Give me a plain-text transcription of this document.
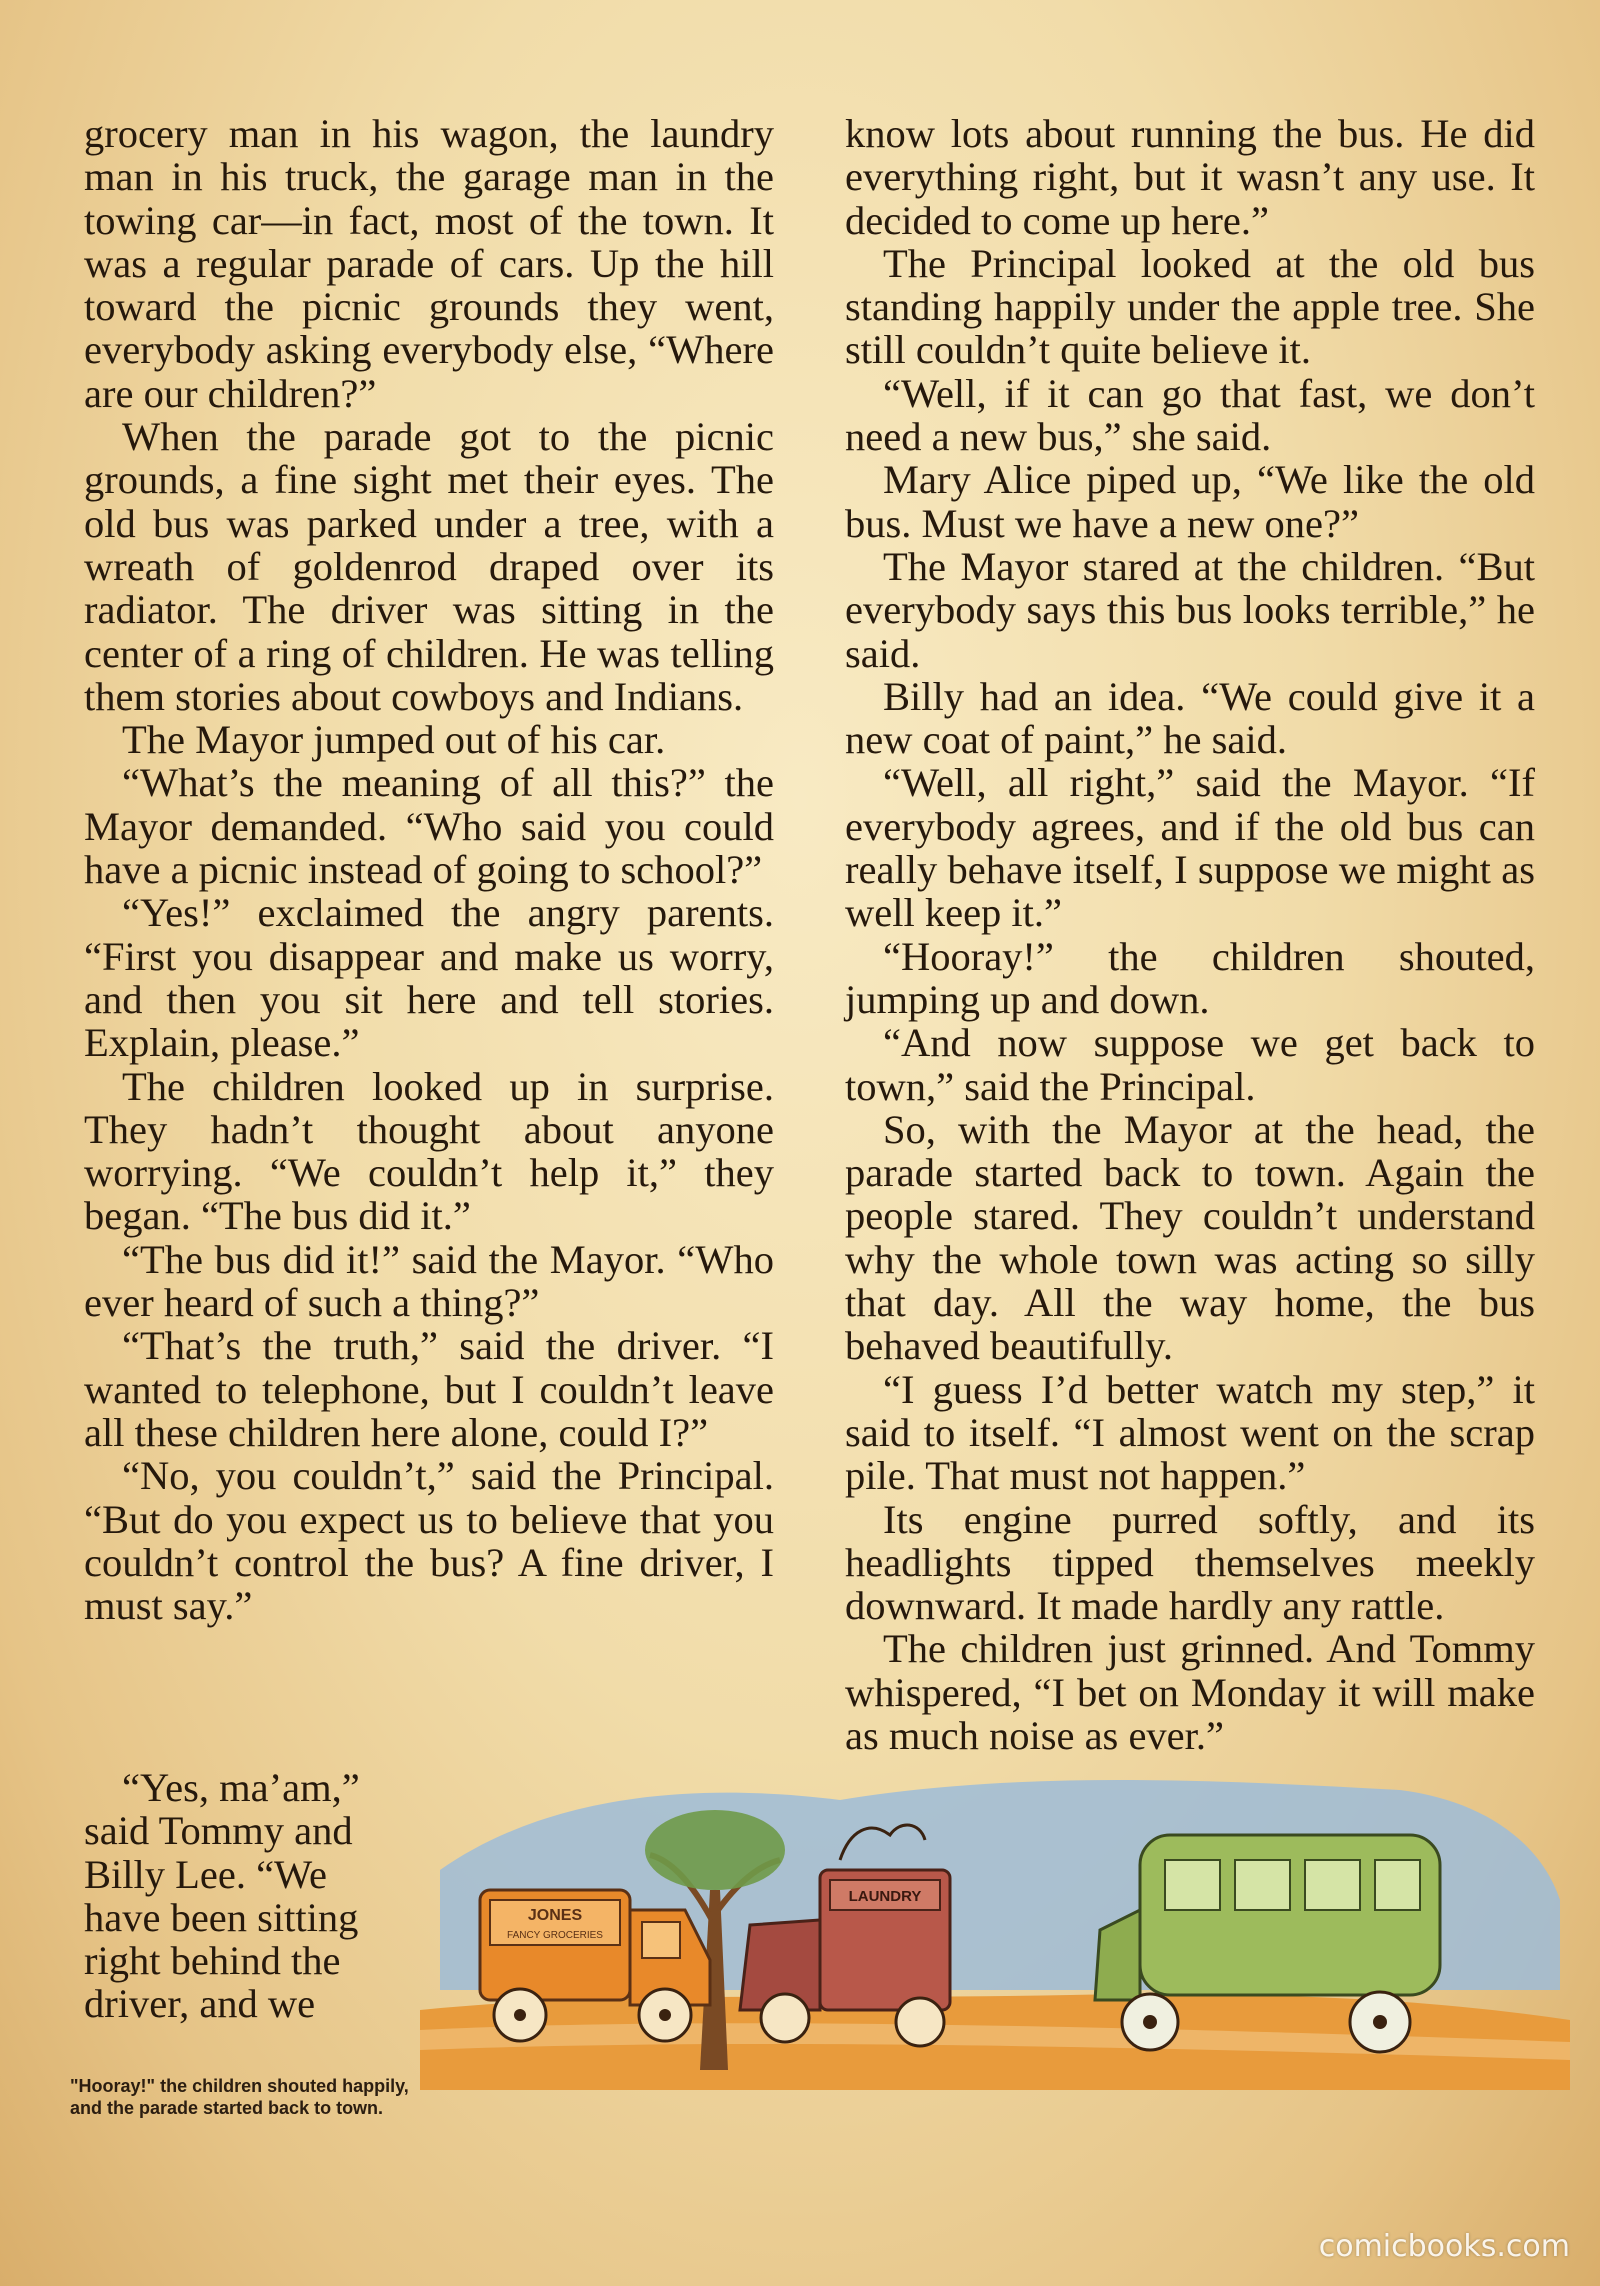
grocery man in his wagon, the laundry man in his truck, the garage man in the towing car—in fact, most of the town. It was a regular parade of cars. Up the hill toward the picnic grounds they went, everybody asking everybody else, “Where are our children?”

When the parade got to the picnic grounds, a fine sight met their eyes. The old bus was parked under a tree, with a wreath of goldenrod draped over its radiator. The driver was sitting in the center of a ring of children. He was telling them stories about cowboys and Indians.

The Mayor jumped out of his car.

“What’s the meaning of all this?” the Mayor demanded. “Who said you could have a picnic instead of going to school?”

“Yes!” exclaimed the angry parents. “First you disappear and make us worry, and then you sit here and tell stories. Explain, please.”

The children looked up in surprise. They hadn’t thought about anyone worrying. “We couldn’t help it,” they began. “The bus did it.”

“The bus did it!” said the Mayor. “Who ever heard of such a thing?”

“That’s the truth,” said the driver. “I wanted to telephone, but I couldn’t leave all these children here alone, could I?”

“No, you couldn’t,” said the Principal. “But do you expect us to believe that you couldn’t control the bus? A fine driver, I must say.”

“Yes, ma’am,” said Tommy and Billy Lee. “We have been sitting right behind the driver, and we

know lots about running the bus. He did everything right, but it wasn’t any use. It decided to come up here.”

The Principal looked at the old bus standing happily under the apple tree. She still couldn’t quite believe it.

“Well, if it can go that fast, we don’t need a new bus,” she said.

Mary Alice piped up, “We like the old bus. Must we have a new one?”

The Mayor stared at the children. “But everybody says this bus looks terrible,” he said.

Billy had an idea. “We could give it a new coat of paint,” he said.

“Well, all right,” said the Mayor. “If everybody agrees, and if the old bus can really behave itself, I suppose we might as well keep it.”

“Hooray!” the children shouted, jumping up and down.

“And now suppose we get back to town,” said the Principal.

So, with the Mayor at the head, the parade started back to town. Again the people stared. They couldn’t understand why the whole town was acting so silly that day. All the way home, the bus behaved beautifully.

“I guess I’d better watch my step,” it said to itself. “I almost went on the scrap pile. That must not happen.”

Its engine purred softly, and its headlights tipped themselves meekly downward. It made hardly any rattle.

The children just grinned. And Tommy whispered, “I bet on Monday it will make as much noise as ever.”

JONES
FANCY GROCERIES
LAUNDRY
"Hooray!" the children shouted happily,
and the parade started back to town.
comicbooks.com
